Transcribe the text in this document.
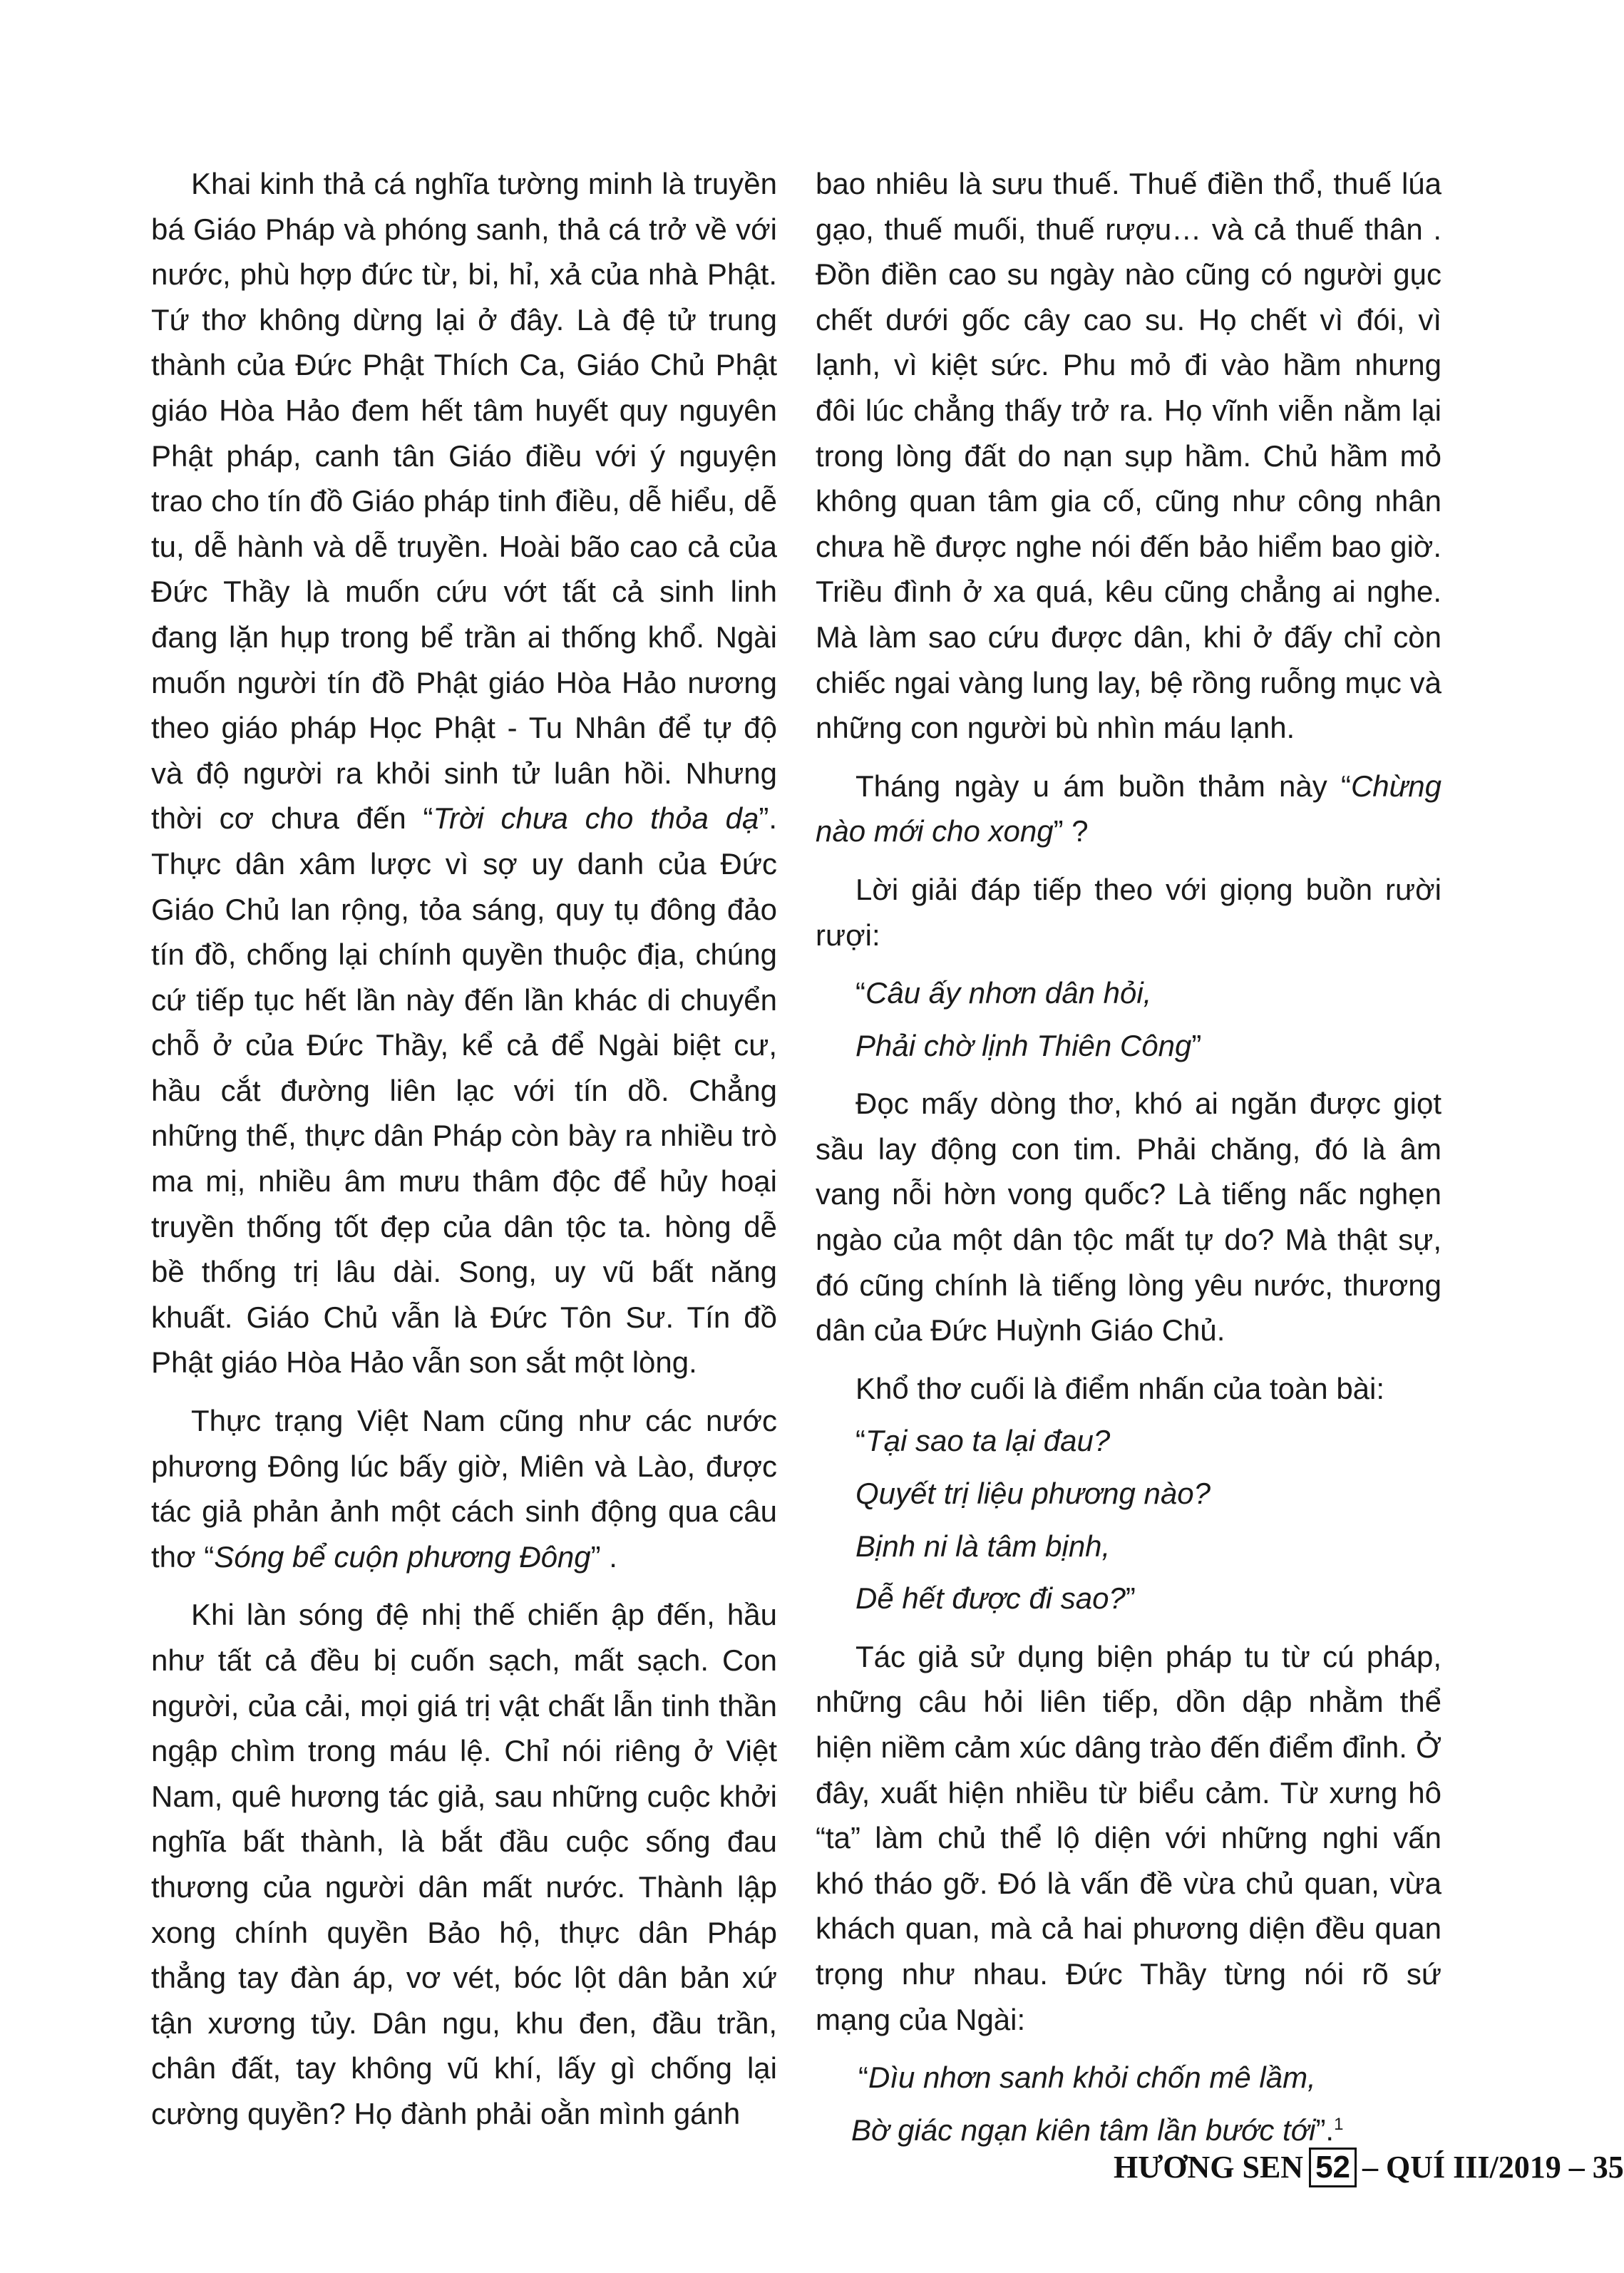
Khai kinh thả cá nghĩa tường minh là truyền bá Giáo Pháp và phóng sanh, thả cá trở về với nước, phù hợp đức từ, bi, hỉ, xả của nhà Phật. Tứ thơ không dừng lại ở đây. Là đệ tử trung thành của Đức Phật Thích Ca, Giáo Chủ Phật giáo Hòa Hảo đem hết tâm huyết quy nguyên Phật pháp, canh tân Giáo điều với ý nguyện trao cho tín đồ Giáo pháp tinh điều, dễ hiểu, dễ tu, dễ hành và dễ truyền. Hoài bão cao cả của Đức Thầy là muốn cứu vớt tất cả sinh linh đang lặn hụp trong bể trần ai thống khổ. Ngài muốn người tín đồ Phật giáo Hòa Hảo nương theo giáo pháp Học Phật - Tu Nhân để tự độ và độ người ra khỏi sinh tử luân hồi. Nhưng thời cơ chưa đến “Trời chưa cho thỏa dạ”. Thực dân xâm lược vì sợ uy danh của Đức Giáo Chủ lan rộng, tỏa sáng, quy tụ đông đảo tín đồ, chống lại chính quyền thuộc địa, chúng cứ tiếp tục hết lần này đến lần khác di chuyển chỗ ở của Đức Thầy, kể cả để Ngài biệt cư, hầu cắt đường liên lạc với tín dồ. Chẳng những thế, thực dân Pháp còn bày ra nhiều trò ma mị, nhiều âm mưu thâm độc để hủy hoại truyền thống tốt đẹp của dân tộc ta. hòng dễ bề thống trị lâu dài. Song, uy vũ bất năng khuất. Giáo Chủ vẫn là Đức Tôn Sư. Tín đồ Phật giáo Hòa Hảo vẫn son sắt một lòng.

Thực trạng Việt Nam cũng như các nước phương Đông lúc bấy giờ, Miên và Lào, được tác giả phản ảnh một cách sinh động qua câu thơ “Sóng bể cuộn phương Đông” .

Khi làn sóng đệ nhị thế chiến ập đến, hầu như tất cả đều bị cuốn sạch, mất sạch. Con người, của cải, mọi giá trị vật chất lẫn tinh thần ngập chìm trong máu lệ. Chỉ nói riêng ở Việt Nam, quê hương tác giả, sau những cuộc khởi nghĩa bất thành, là bắt đầu cuộc sống đau thương của người dân mất nước. Thành lập xong chính quyền Bảo hộ, thực dân Pháp thẳng tay đàn áp, vơ vét, bóc lột dân bản xứ tận xương tủy. Dân ngu, khu đen, đầu trần, chân đất, tay không vũ khí, lấy gì chống lại cường quyền? Họ đành phải oằn mình gánh

bao nhiêu là sưu thuế. Thuế điền thổ, thuế lúa gạo, thuế muối, thuế rượu… và cả thuế thân . Đồn điền cao su ngày nào cũng có người gục chết dưới gốc cây cao su. Họ chết vì đói, vì lạnh, vì kiệt sức. Phu mỏ đi vào hầm nhưng đôi lúc chẳng thấy trở ra. Họ vĩnh viễn nằm lại trong lòng đất do nạn sụp hầm. Chủ hầm mỏ không quan tâm gia cố, cũng như công nhân chưa hề được nghe nói đến bảo hiểm bao giờ. Triều đình ở xa quá, kêu cũng chẳng ai nghe. Mà làm sao cứu được dân, khi ở đấy chỉ còn chiếc ngai vàng lung lay, bệ rồng ruỗng mục và những con người bù nhìn máu lạnh.

Tháng ngày u ám buồn thảm này “Chừng nào mới cho xong” ?

Lời giải đáp tiếp theo với giọng buồn rười rượi:

“Câu ấy nhơn dân hỏi,

Phải chờ lịnh Thiên Công”

Đọc mấy dòng thơ, khó ai ngăn được giọt sầu lay động con tim. Phải chăng, đó là âm vang nỗi hờn vong quốc? Là tiếng nấc nghẹn ngào của một dân tộc mất tự do? Mà thật sự, đó cũng chính là tiếng lòng yêu nước, thương dân của Đức Huỳnh Giáo Chủ.

Khổ thơ cuối là điểm nhấn của toàn bài:

“Tại sao ta lại đau?

Quyết trị liệu phương nào?

Bịnh ni là tâm bịnh,

Dễ hết được đi sao?”

Tác giả sử dụng biện pháp tu từ cú pháp, những câu hỏi liên tiếp, dồn dập nhằm thể hiện niềm cảm xúc dâng trào đến điểm đỉnh. Ở đây, xuất hiện nhiều từ biểu cảm. Từ xưng hô “ta” làm chủ thể lộ diện với những nghi vấn khó tháo gỡ. Đó là vấn đề vừa chủ quan, vừa khách quan, mà cả hai phương diện đều quan trọng như nhau. Đức Thầy từng nói rõ sứ mạng của Ngài:

“Dìu nhơn sanh khỏi chốn mê lầm,

Bờ giác ngạn kiên tâm lần bước tới”.$^1$

HƯƠNG SEN 52 – QUÍ III/2019 – 35
